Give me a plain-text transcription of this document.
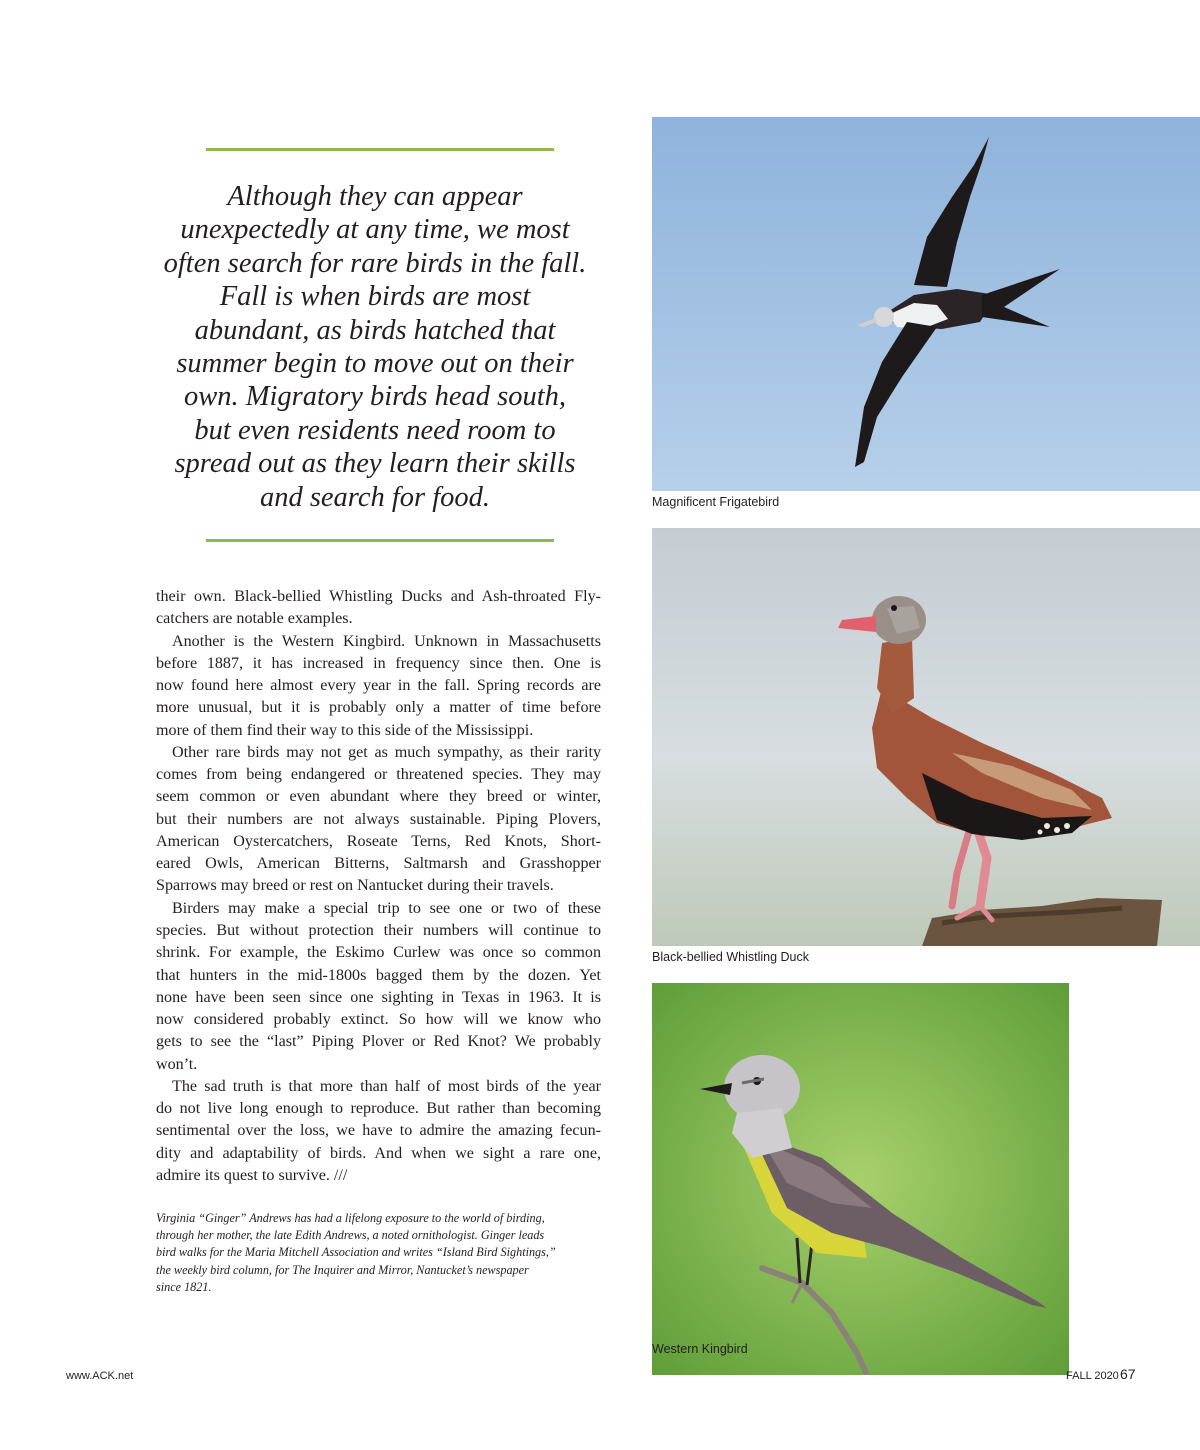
Although they can appear
unexpectedly at any time, we most
often search for rare birds in the fall.
Fall is when birds are most
abundant, as birds hatched that
summer begin to move out on their
own. Migratory birds head south,
but even residents need room to
spread out as they learn their skills
and search for food.
their own. Black-bellied Whistling Ducks and Ash-throated Fly-
catchers are notable examples.
Another is the Western Kingbird. Unknown in Massachusetts
before 1887, it has increased in frequency since then. One is
now found here almost every year in the fall. Spring records are
more unusual, but it is probably only a matter of time before
more of them find their way to this side of the Mississippi.
Other rare birds may not get as much sympathy, as their rarity
comes from being endangered or threatened species. They may
seem common or even abundant where they breed or winter,
but their numbers are not always sustainable. Piping Plovers,
American Oystercatchers, Roseate Terns, Red Knots, Short-
eared Owls, American Bitterns, Saltmarsh and Grasshopper
Sparrows may breed or rest on Nantucket during their travels.
Birders may make a special trip to see one or two of these
species. But without protection their numbers will continue to
shrink. For example, the Eskimo Curlew was once so common
that hunters in the mid-1800s bagged them by the dozen. Yet
none have been seen since one sighting in Texas in 1963. It is
now considered probably extinct. So how will we know who
gets to see the “last” Piping Plover or Red Knot? We probably
won’t.
The sad truth is that more than half of most birds of the year
do not live long enough to reproduce. But rather than becoming
sentimental over the loss, we have to admire the amazing fecun-
dity and adaptability of birds. And when we sight a rare one,
admire its quest to survive. ///
Virginia “Ginger” Andrews has had a lifelong exposure to the world of birding,
through her mother, the late Edith Andrews, a noted ornithologist. Ginger leads
bird walks for the Maria Mitchell Association and writes “Island Bird Sightings,”
the weekly bird column, for The Inquirer and Mirror, Nantucket’s newspaper
since 1821.

Magnificent Frigatebird

Black-bellied Whistling Duck

Western Kingbird

www.ACK.net	FALL 2020 67
